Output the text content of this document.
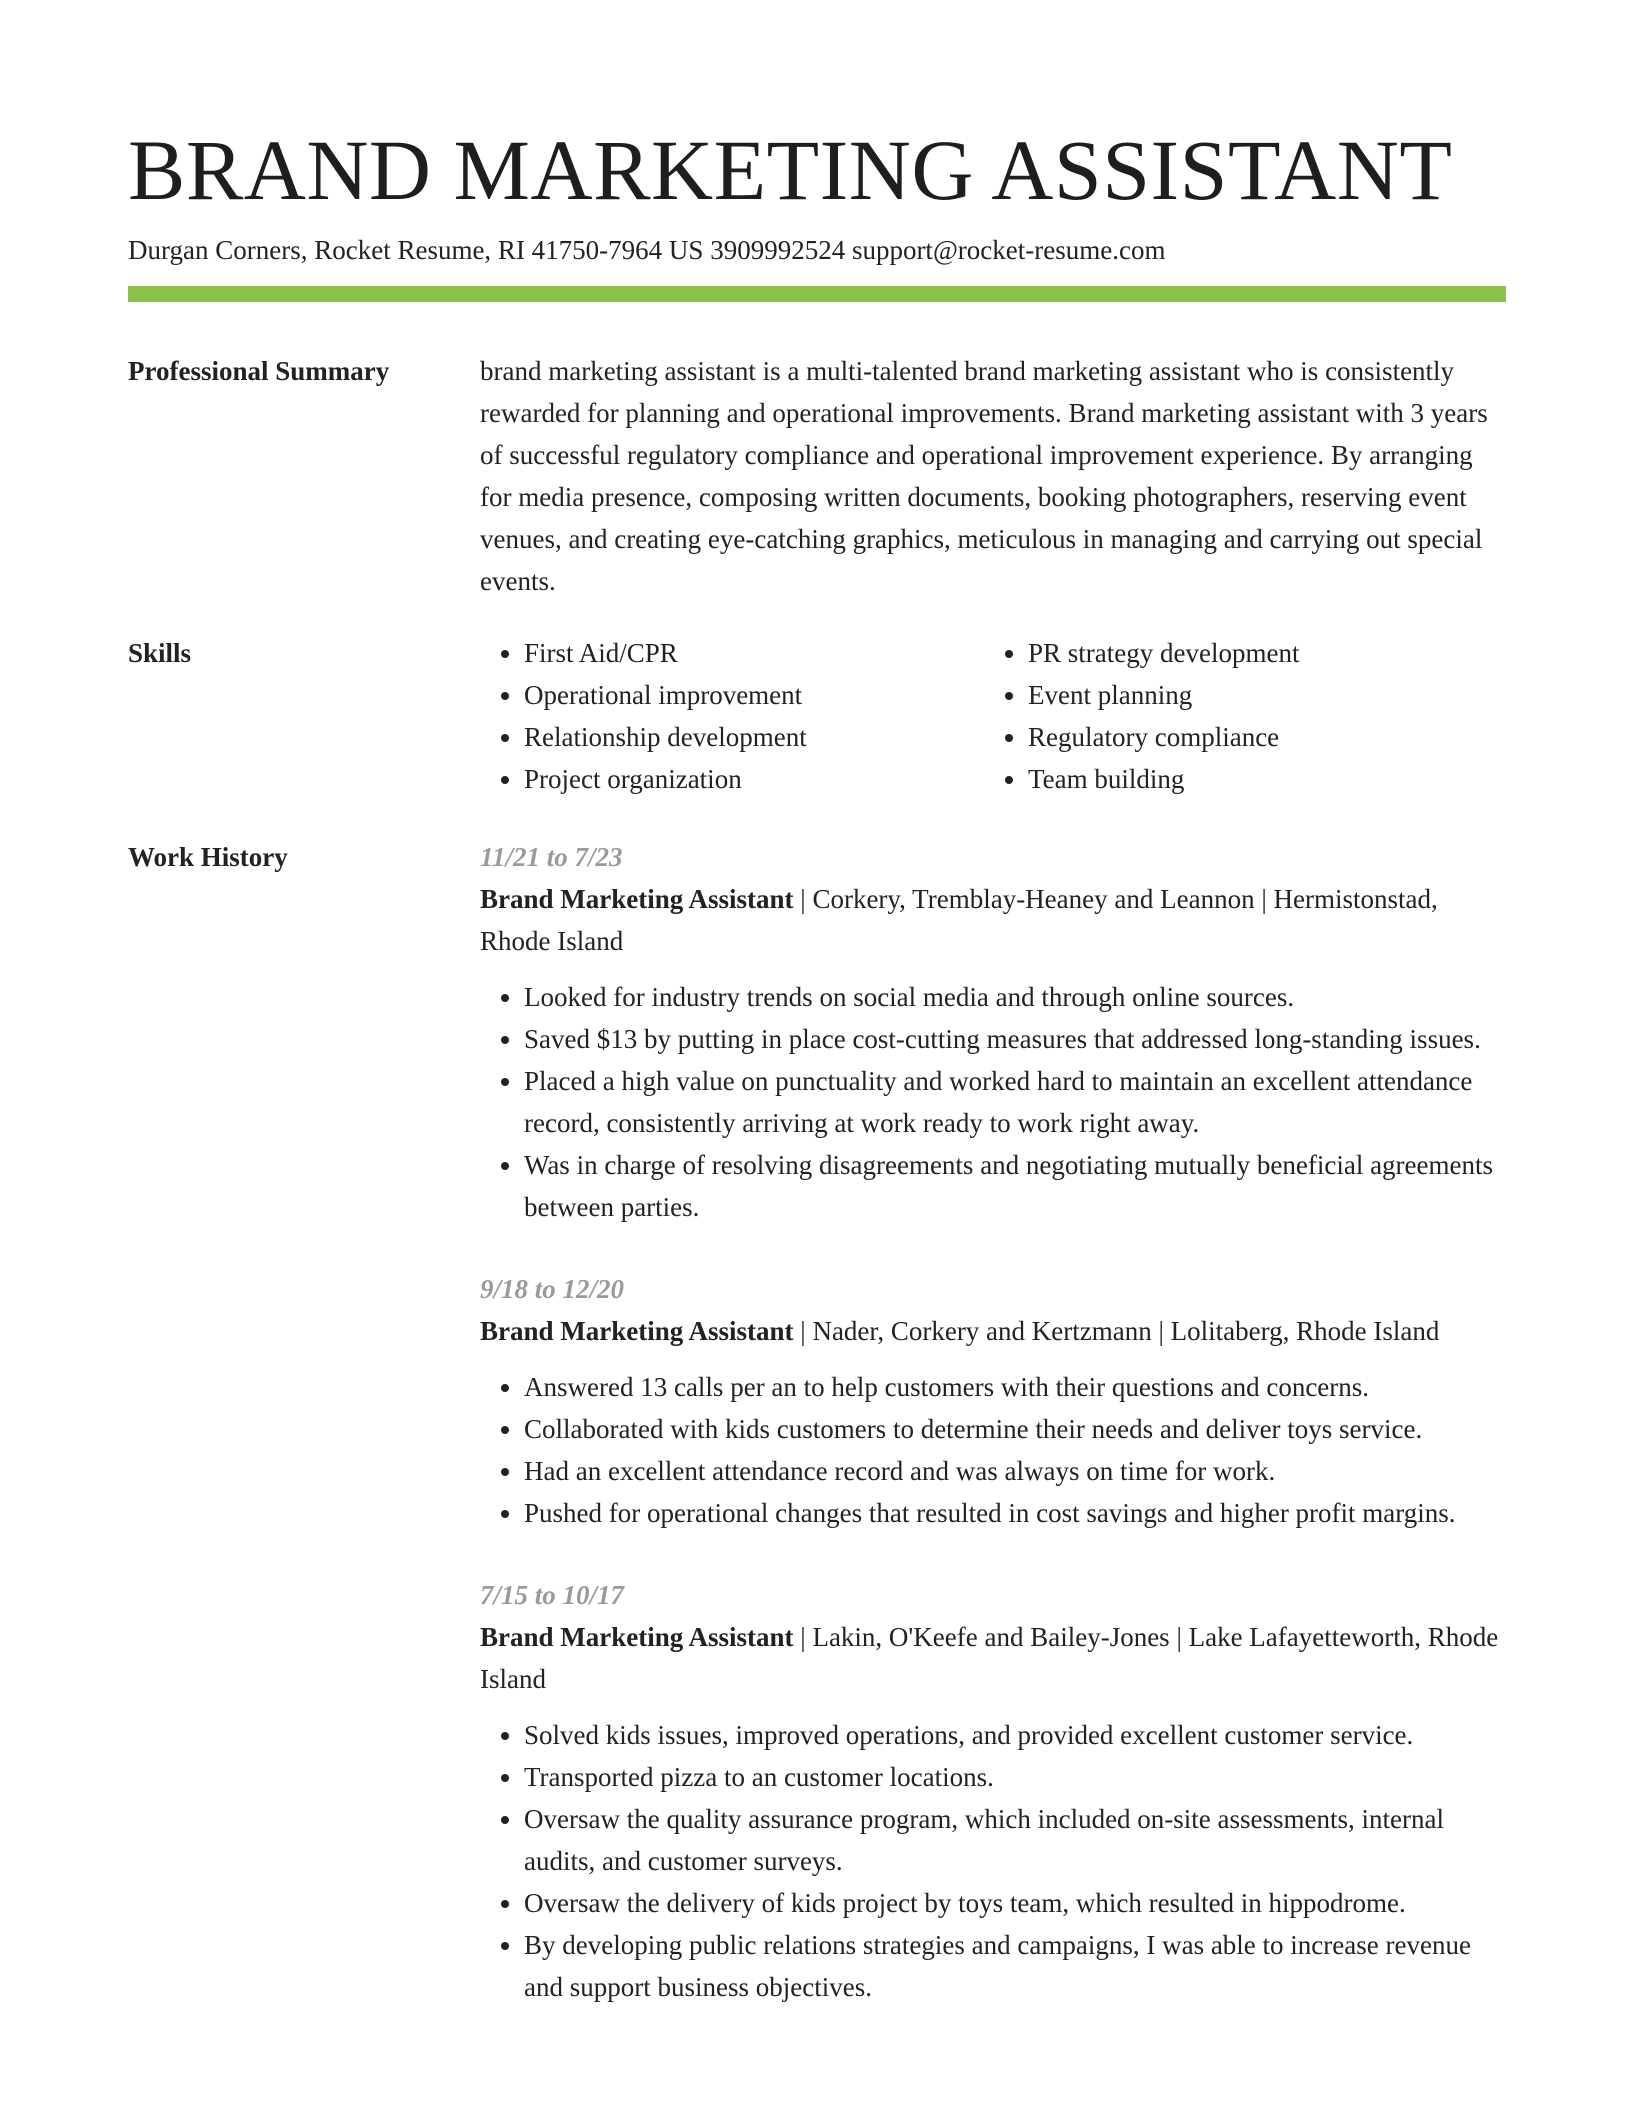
BRAND MARKETING ASSISTANT
Durgan Corners, Rocket Resume, RI 41750-7964 US 3909992524 support@rocket-resume.com
Professional Summary	brand marketing assistant is a multi-talented brand marketing assistant who is consistently rewarded for planning and operational improvements. Brand marketing assistant with 3 years of successful regulatory compliance and operational improvement experience. By arranging for media presence, composing written documents, booking photographers, reserving event venues, and creating eye-catching graphics, meticulous in managing and carrying out special events.

Skills
•	First Aid/CPR
• Operational improvement
• Relationship development
• Project organization
• PR strategy development
• Event planning
• Regulatory compliance
• Team building
Work History	11/21 to 7/23
Brand Marketing Assistant | Corkery, Tremblay-Heaney and Leannon | Hermistonstad, Rhode Island
• Looked for industry trends on social media and through online sources.
• Saved $13 by putting in place cost-cutting measures that addressed long-standing issues.
• Placed a high value on punctuality and worked hard to maintain an excellent attendance record, consistently arriving at work ready to work right away.
• Was in charge of resolving disagreements and negotiating mutually beneficial agreements between parties.
9/18 to 12/20
Brand Marketing Assistant | Nader, Corkery and Kertzmann | Lolitaberg, Rhode Island
• Answered 13 calls per an to help customers with their questions and concerns.
• Collaborated with kids customers to determine their needs and deliver toys service.
• Had an excellent attendance record and was always on time for work.
• Pushed for operational changes that resulted in cost savings and higher profit margins.
7/15 to 10/17
Brand Marketing Assistant | Lakin, O'Keefe and Bailey-Jones | Lake Lafayetteworth, Rhode Island
• Solved kids issues, improved operations, and provided excellent customer service.
• Transported pizza to an customer locations.
• Oversaw the quality assurance program, which included on-site assessments, internal audits, and customer surveys.
• Oversaw the delivery of kids project by toys team, which resulted in hippodrome.
• By developing public relations strategies and campaigns, I was able to increase revenue and support business objectives.
